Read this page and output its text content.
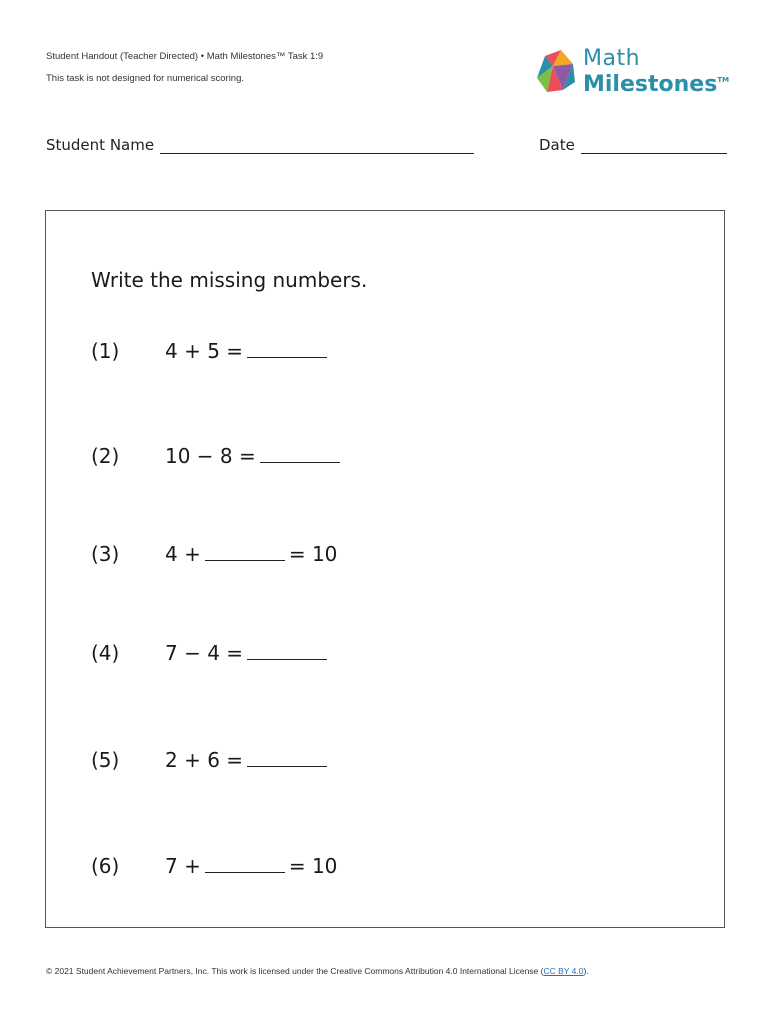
Student Handout (Teacher Directed) • Math Milestones™ Task 1:9
This task is not designed for numerical scoring.
Math
Milestones™
Student Name	Date
Write the missing numbers.
(1) 4 + 5 =
(2) 10 − 8 =
(3) 4 +	= 10
(4) 7 − 4 =
(5) 2 + 6 =
(6) 7 +	= 10
© 2021 Student Achievement Partners, Inc. This work is licensed under the Creative Commons Attribution 4.0 International License (CC BY 4.0).
